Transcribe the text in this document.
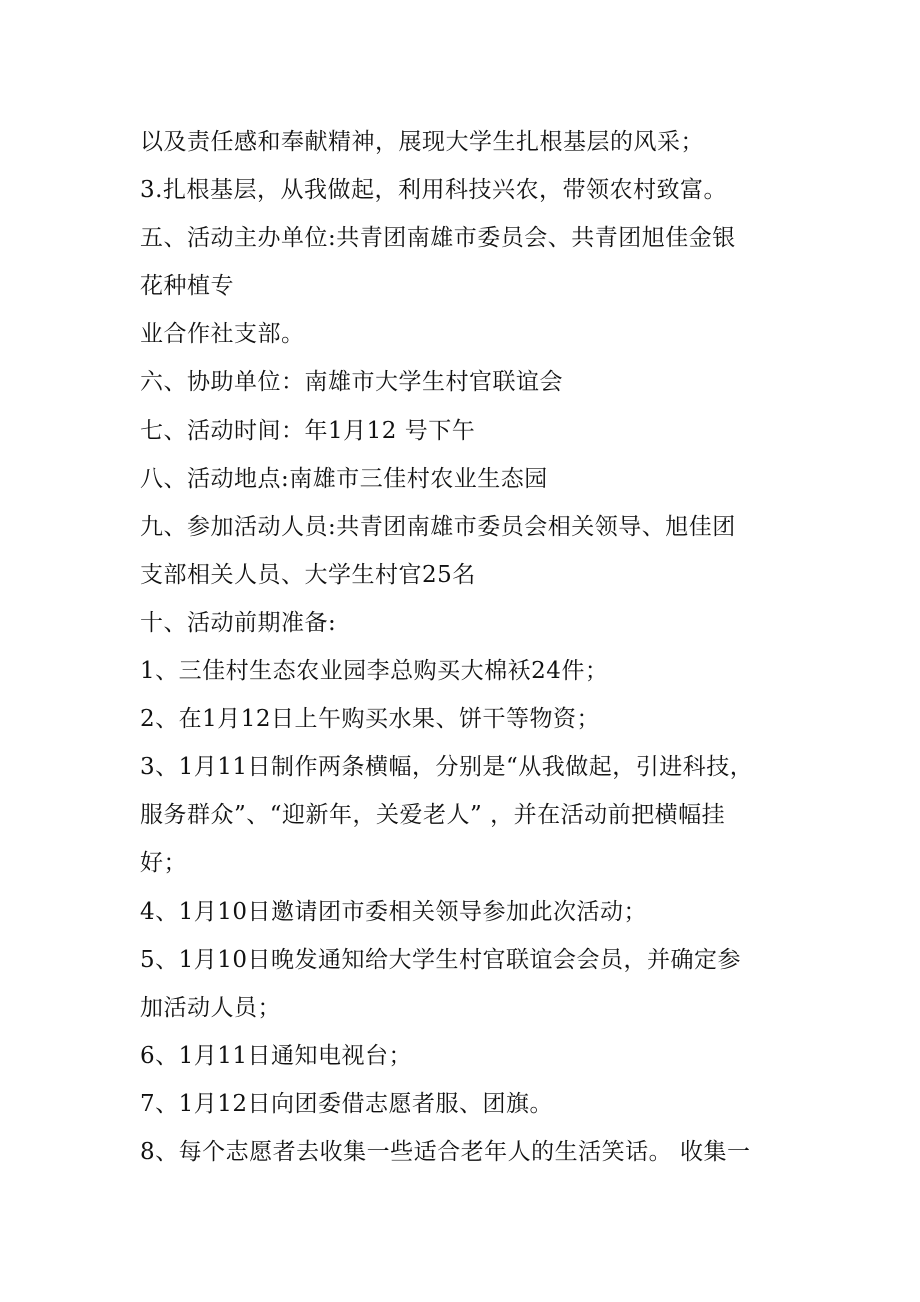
以及责任感和奉献精神，展现大学生扎根基层的风采；

3.扎根基层，从我做起，利用科技兴农，带领农村致富。

五、活动主办单位:共青团南雄市委员会、共青团旭佳金银

花种植专

业合作社支部。

六、协助单位：南雄市大学生村官联谊会

七、活动时间：年1月12 号下午

八、活动地点:南雄市三佳村农业生态园

九、参加活动人员:共青团南雄市委员会相关领导、旭佳团

支部相关人员、大学生村官25名

十、活动前期准备:

1、三佳村生态农业园李总购买大棉袄24件；

2、在1月12日上午购买水果、饼干等物资；

3、1月11日制作两条横幅，分别是“从我做起，引进科技，

服务群众”、“迎新年，关爱老人” ，并在活动前把横幅挂

好；

4、1月10日邀请团市委相关领导参加此次活动；

5、1月10日晚发通知给大学生村官联谊会会员，并确定参

加活动人员；

6、1月11日通知电视台；

7、1月12日向团委借志愿者服、团旗。

8、每个志愿者去收集一些适合老年人的生活笑话。 收集一
